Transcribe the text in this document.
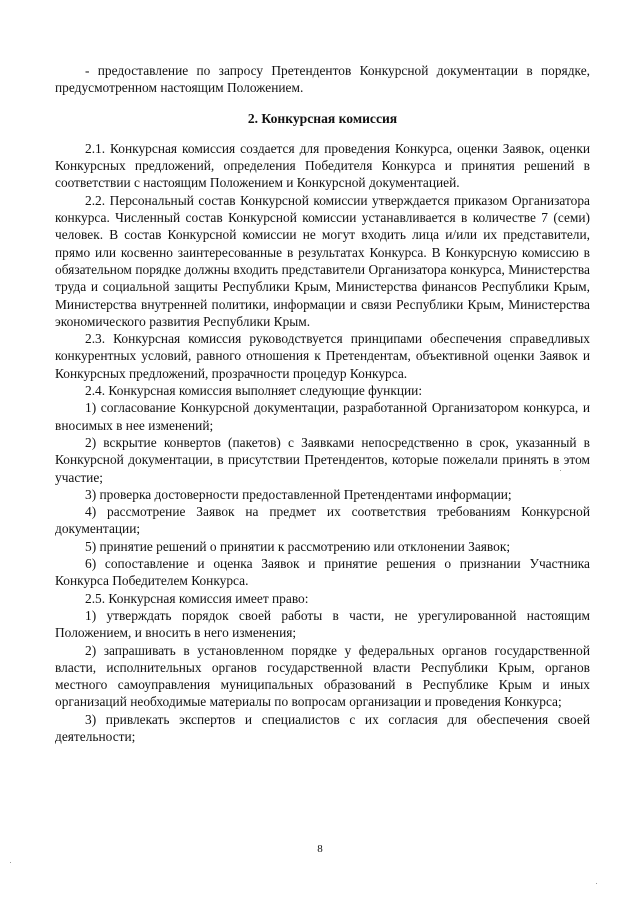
- предоставление по запросу Претендентов Конкурсной документации в порядке, предусмотренном настоящим Положением.

2. Конкурсная комиссия

2.1. Конкурсная комиссия создается для проведения Конкурса, оценки Заявок, оценки Конкурсных предложений, определения Победителя Конкурса и принятия решений в соответствии с настоящим Положением и Конкурсной документацией.

2.2. Персональный состав Конкурсной комиссии утверждается приказом Организатора конкурса. Численный состав Конкурсной комиссии устанавливается в количестве 7 (семи) человек. В состав Конкурсной комиссии не могут входить лица и/или их представители, прямо или косвенно заинтересованные в результатах Конкурса. В Конкурсную комиссию в обязательном порядке должны входить представители Организатора конкурса, Министерства труда и социальной защиты Республики Крым, Министерства финансов Республики Крым, Министерства внутренней политики, информации и связи Республики Крым, Министерства экономического развития Республики Крым.

2.3. Конкурсная комиссия руководствуется принципами обеспечения справедливых конкурентных условий, равного отношения к Претендентам, объективной оценки Заявок и Конкурсных предложений, прозрачности процедур Конкурса.

2.4. Конкурсная комиссия выполняет следующие функции:

1) согласование Конкурсной документации, разработанной Организатором конкурса, и вносимых в нее изменений;

2) вскрытие конвертов (пакетов) с Заявками непосредственно в срок, указанный в Конкурсной документации, в присутствии Претендентов, которые пожелали принять в этом участие;

3) проверка достоверности предоставленной Претендентами информации;

4) рассмотрение Заявок на предмет их соответствия требованиям Конкурсной документации;

5) принятие решений о принятии к рассмотрению или отклонении Заявок;

6) сопоставление и оценка Заявок и принятие решения о признании Участника Конкурса Победителем Конкурса.

2.5. Конкурсная комиссия имеет право:

1) утверждать порядок своей работы в части, не урегулированной настоящим Положением, и вносить в него изменения;

2) запрашивать в установленном порядке у федеральных органов государственной власти, исполнительных органов государственной власти Республики Крым, органов местного самоуправления муниципальных образований в Республике Крым и иных организаций необходимые материалы по вопросам организации и проведения Конкурса;

3) привлекать экспертов и специалистов с их согласия для обеспечения своей деятельности;

8
